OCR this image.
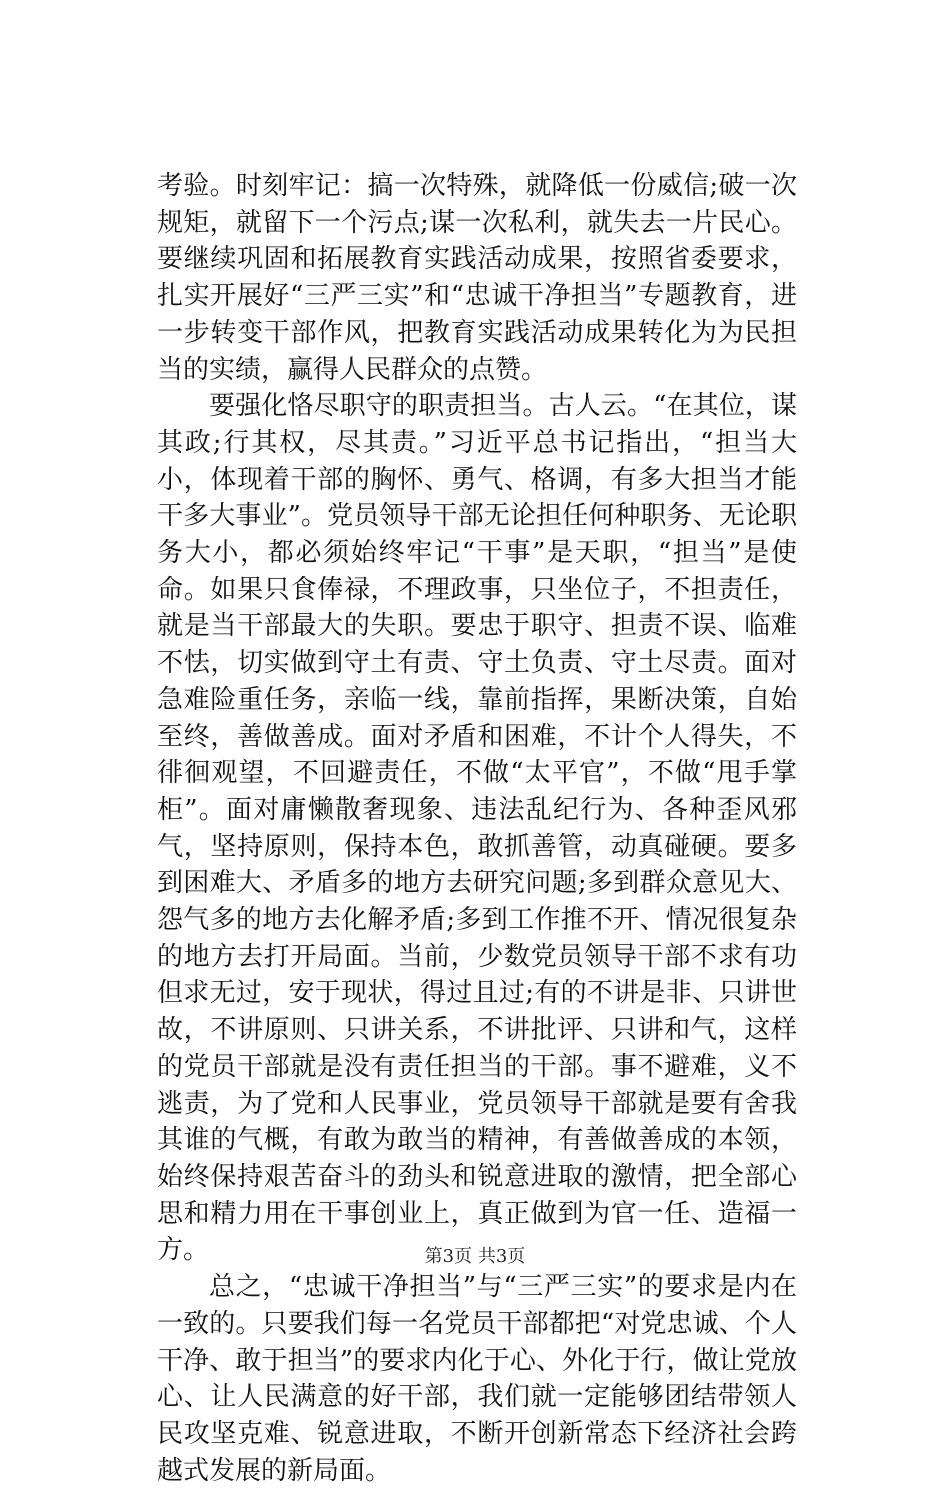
考验。时刻牢记：搞一次特殊，就降低一份威信;破一次规矩，就留下一个污点;谋一次私利，就失去一片民心。要继续巩固和拓展教育实践活动成果，按照省委要求，扎实开展好“三严三实”和“忠诚干净担当”专题教育，进一步转变干部作风，把教育实践活动成果转化为为民担当的实绩，赢得人民群众的点赞。

要强化恪尽职守的职责担当。古人云。“在其位，谋其政;行其权，尽其责。”习近平总书记指出，“担当大小，体现着干部的胸怀、勇气、格调，有多大担当才能干多大事业”。党员领导干部无论担任何种职务、无论职务大小，都必须始终牢记“干事”是天职，“担当”是使命。如果只食俸禄，不理政事，只坐位子，不担责任，就是当干部最大的失职。要忠于职守、担责不误、临难不怯，切实做到守土有责、守土负责、守土尽责。面对急难险重任务，亲临一线，靠前指挥，果断决策，自始至终，善做善成。面对矛盾和困难，不计个人得失，不徘徊观望，不回避责任，不做“太平官”，不做“甩手掌柜”。面对庸懒散奢现象、违法乱纪行为、各种歪风邪气，坚持原则，保持本色，敢抓善管，动真碰硬。要多到困难大、矛盾多的地方去研究问题;多到群众意见大、怨气多的地方去化解矛盾;多到工作推不开、情况很复杂的地方去打开局面。当前，少数党员领导干部不求有功但求无过，安于现状，得过且过;有的不讲是非、只讲世故，不讲原则、只讲关系，不讲批评、只讲和气，这样的党员干部就是没有责任担当的干部。事不避难，义不逃责，为了党和人民事业，党员领导干部就是要有舍我其谁的气概，有敢为敢当的精神，有善做善成的本领，始终保持艰苦奋斗的劲头和锐意进取的激情，把全部心思和精力用在干事创业上，真正做到为官一任、造福一方。

总之，“忠诚干净担当”与“三严三实”的要求是内在一致的。只要我们每一名党员干部都把“对党忠诚、个人干净、敢于担当”的要求内化于心、外化于行，做让党放心、让人民满意的好干部，我们就一定能够团结带领人民攻坚克难、锐意进取，不断开创新常态下经济社会跨越式发展的新局面。

第3页 共3页
